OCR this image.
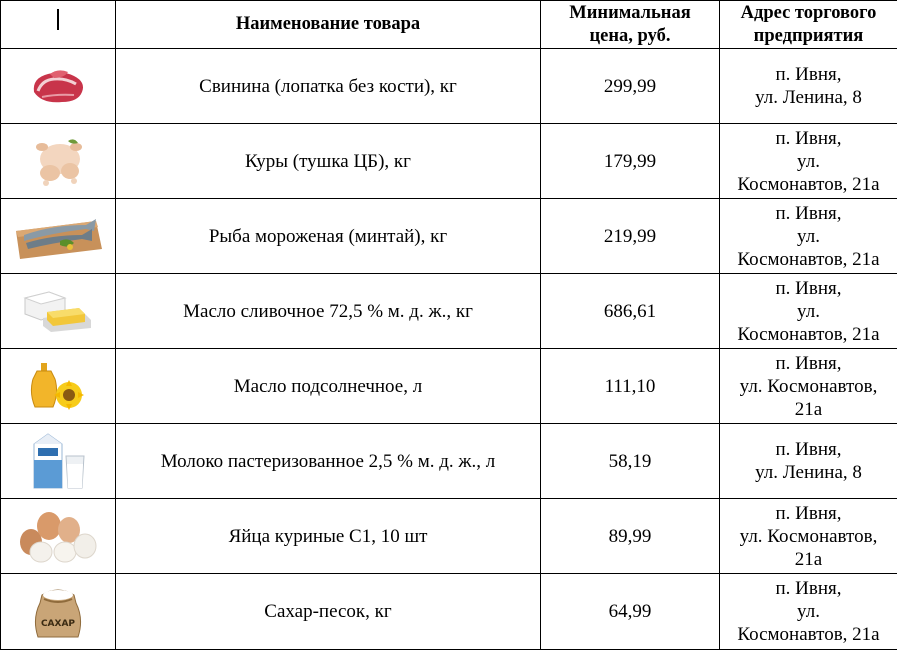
	Наименование товара	Минимальная цена, руб.	Адрес торгового предприятия

	Свинина (лопатка без кости), кг	299,99	п. Ивня,
ул. Ленина, 8

	Куры (тушка ЦБ), кг	179,99	п. Ивня,
ул.
Космонавтов, 21а

	Рыба мороженая (минтай), кг	219,99	п. Ивня,
ул.
Космонавтов, 21а

	Масло сливочное 72,5 % м. д. ж., кг	686,61	п. Ивня,
ул.
Космонавтов, 21а

	Масло подсолнечное, л	111,10	п. Ивня,
ул. Космонавтов,
21а

	Молоко пастеризованное 2,5 % м. д. ж., л	58,19	п. Ивня,
ул. Ленина, 8

	Яйца куриные С1, 10 шт	89,99	п. Ивня,
ул. Космонавтов,
21а

САХАР	Сахар-песок, кг	64,99	п. Ивня,
ул.
Космонавтов, 21а
